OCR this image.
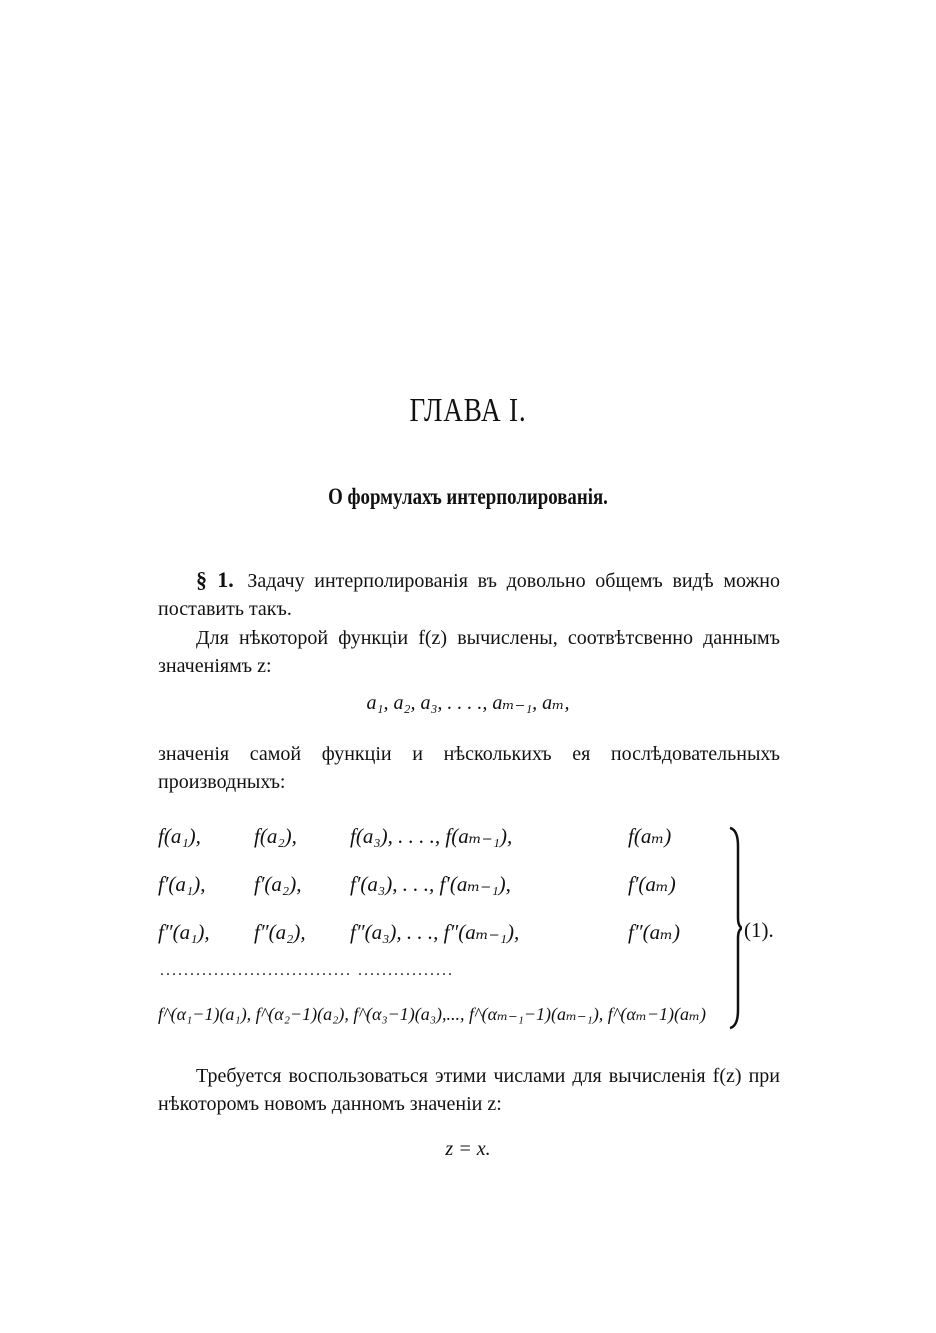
ГЛАВА I.
О формулахъ интерполированія.
§ 1. Задачу интерполированія въ довольно общемъ видѣ можно поставить такъ.
Для нѣкоторой функціи f(z) вычислены, соотвѣтсвенно даннымъ значеніямъ z:
a₁, a₂, a₃, . . . ., aₘ₋₁, aₘ,
значенія самой функціи и нѣсколькихъ ея послѣдовательныхъ производныхъ:
f(a₁),	f(a₂),	f(a₃), . . . ., f(aₘ₋₁),	f(aₘ)
f′(a₁), f′(a₂), f′(a₃), . . ., f′(aₘ₋₁),	f′(aₘ)
f″(a₁), f″(a₂), f″(a₃), . . ., f″(aₘ₋₁),	f″(aₘ)
................................ ................
f^(α₁−1)(a₁), f^(α₂−1)(a₂), f^(α₃−1)(a₃),..., f^(αₘ₋₁−1)(aₘ₋₁), f^(αₘ−1)(aₘ)
(1).
Требуется воспользоваться этими числами для вычисленія f(z) при нѣкоторомъ новомъ данномъ значеніи z:
z = x.
